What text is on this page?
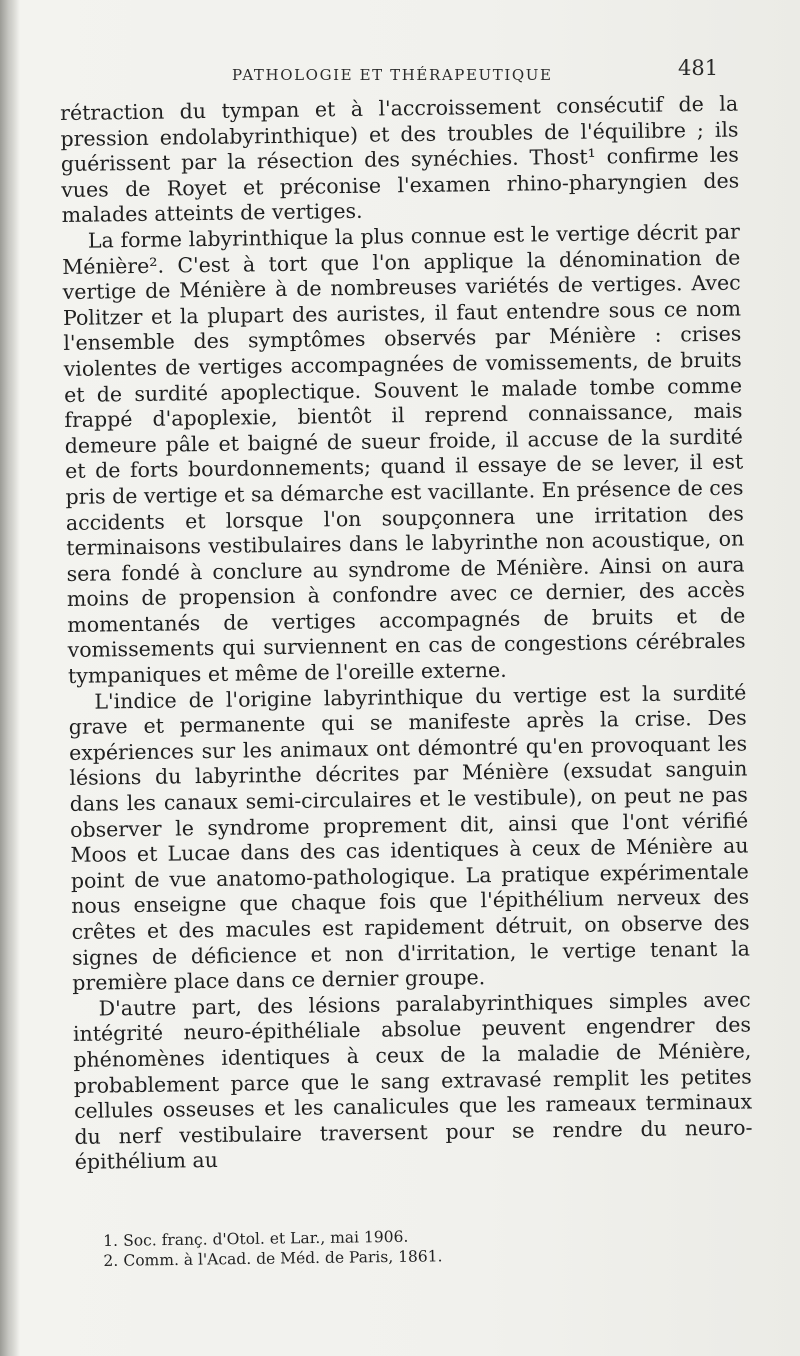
PATHOLOGIE ET THÉRAPEUTIQUE	481

rétraction du tympan et à l'accroissement consécutif de la pression endolabyrinthique) et des troubles de l'équilibre ; ils guérissent par la résection des synéchies. Thost¹ confirme les vues de Royet et préconise l'examen rhino-pharyngien des malades atteints de vertiges.

La forme labyrinthique la plus connue est le vertige décrit par Ménière². C'est à tort que l'on applique la dénomination de vertige de Ménière à de nombreuses variétés de vertiges. Avec Politzer et la plupart des auristes, il faut entendre sous ce nom l'ensemble des symptômes observés par Ménière : crises violentes de vertiges accompagnées de vomissements, de bruits et de surdité apoplectique. Souvent le malade tombe comme frappé d'apoplexie, bientôt il reprend connaissance, mais demeure pâle et baigné de sueur froide, il accuse de la surdité et de forts bourdonnements; quand il essaye de se lever, il est pris de vertige et sa démarche est vacillante. En présence de ces accidents et lorsque l'on soupçonnera une irritation des terminaisons vestibulaires dans le labyrinthe non acoustique, on sera fondé à conclure au syndrome de Ménière. Ainsi on aura moins de propension à confondre avec ce dernier, des accès momentanés de vertiges accompagnés de bruits et de vomissements qui surviennent en cas de congestions cérébrales tympaniques et même de l'oreille externe.

L'indice de l'origine labyrinthique du vertige est la surdité grave et permanente qui se manifeste après la crise. Des expériences sur les animaux ont démontré qu'en provoquant les lésions du labyrinthe décrites par Ménière (exsudat sanguin dans les canaux semi-circulaires et le vestibule), on peut ne pas observer le syndrome proprement dit, ainsi que l'ont vérifié Moos et Lucae dans des cas identiques à ceux de Ménière au point de vue anatomo-pathologique. La pratique expérimentale nous enseigne que chaque fois que l'épithélium nerveux des crêtes et des macules est rapidement détruit, on observe des signes de déficience et non d'irritation, le vertige tenant la première place dans ce dernier groupe.

D'autre part, des lésions paralabyrinthiques simples avec intégrité neuro-épithéliale absolue peuvent engendrer des phénomènes identiques à ceux de la maladie de Ménière, probablement parce que le sang extravasé remplit les petites cellules osseuses et les canalicules que les rameaux terminaux du nerf vestibulaire traversent pour se rendre du neuro-épithélium au

1. Soc. franç. d'Otol. et Lar., mai 1906.

2. Comm. à l'Acad. de Méd. de Paris, 1861.
